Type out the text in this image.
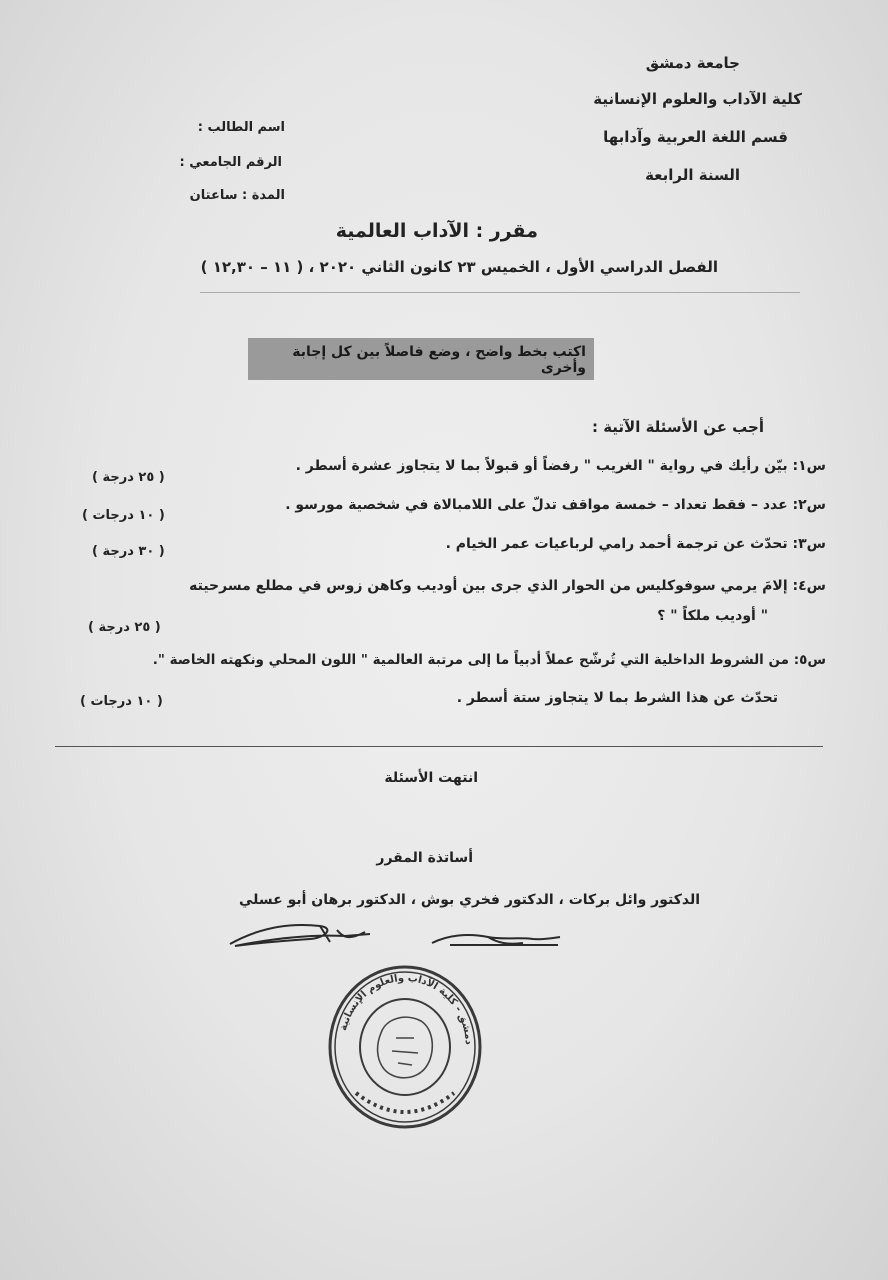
جامعة دمشق
كلية الآداب والعلوم الإنسانية
قسم اللغة العربية وآدابها
السنة الرابعة
اسم الطالب :
الرقم الجامعي :
المدة : ساعتان
مقرر : الآداب العالمية
الفصل الدراسي الأول ، الخميس ٢٣ كانون الثاني ٢٠٢٠ ، ( ١١ – ١٢,٣٠ )
اكتب بخط واضح ، وضع فاصلاً بين كل إجابة وأخرى
أجب عن الأسئلة الآتية :
س١: بيّن رأيك في رواية " الغريب " رفضاً أو قبولاً بما لا يتجاوز عشرة أسطر .
( ٢٥ درجة )
س٢: عدد – فقط تعداد – خمسة مواقف تدلّ على اللامبالاة في شخصية مورسو .
( ١٠ درجات )
س٣: تحدّث عن ترجمة أحمد رامي لرباعيات عمر الخيام .
( ٣٠ درجة )
س٤: إلامَ يرمي سوفوكليس من الحوار الذي جرى بين أوديب وكاهن زوس في مطلع مسرحيته
" أوديب ملكاً " ؟
( ٢٥ درجة )
س٥: من الشروط الداخلية التي تُرشّح عملاً أدبياً ما إلى مرتبة العالمية " اللون المحلي ونكهته الخاصة ".
تحدّث عن هذا الشرط بما لا يتجاوز ستة أسطر .
( ١٠ درجات )
انتهت الأسئلة
أساتذة المقرر
الدكتور وائل بركات ، الدكتور فخري بوش ، الدكتور برهان أبو عسلي
جامعة دمشق - كلية الآداب والعلوم الإنسانية
